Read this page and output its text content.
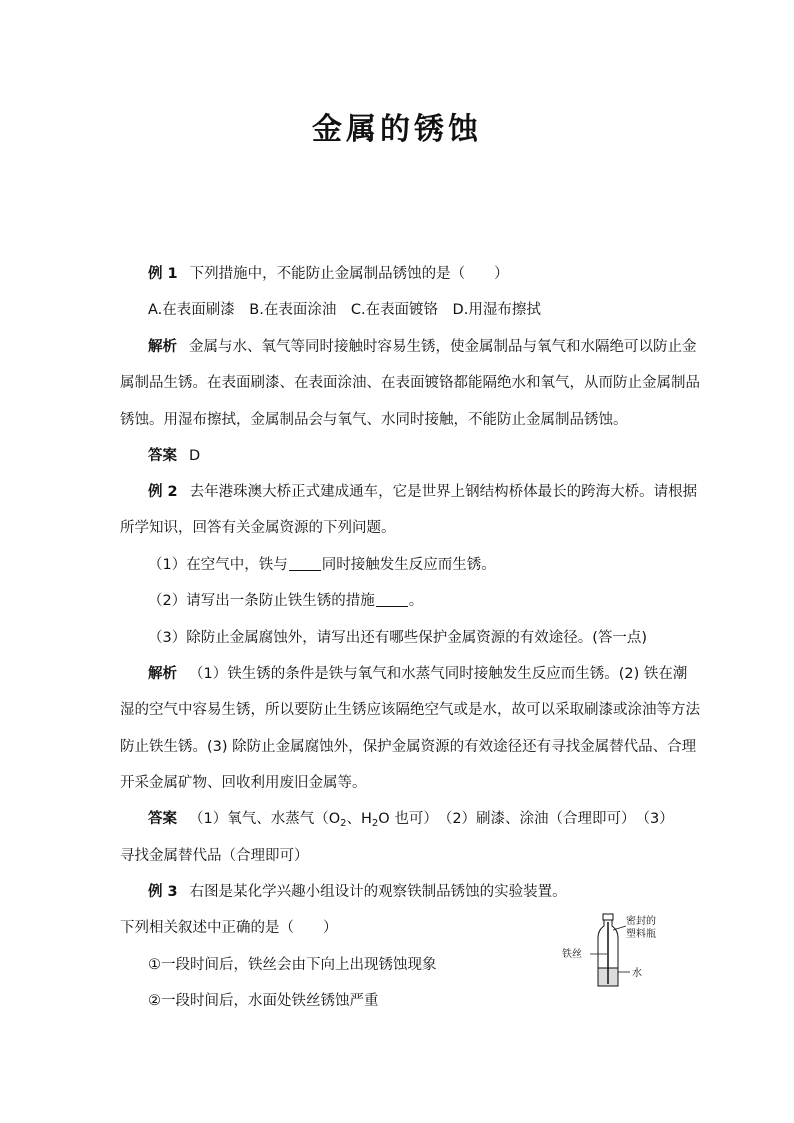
金属的锈蚀
例 1 下列措施中，不能防止金属制品锈蚀的是（　　）
A.在表面刷漆　B.在表面涂油　C.在表面镀铬　D.用湿布擦拭
解析 金属与水、氧气等同时接触时容易生锈，使金属制品与氧气和水隔绝可以防止金
属制品生锈。在表面刷漆、在表面涂油、在表面镀铬都能隔绝水和氧气，从而防止金属制品
锈蚀。用湿布擦拭，金属制品会与氧气、水同时接触，不能防止金属制品锈蚀。
答案 D
例 2 去年港珠澳大桥正式建成通车，它是世界上钢结构桥体最长的跨海大桥。请根据
所学知识，回答有关金属资源的下列问题。
（1）在空气中，铁与 同时接触发生反应而生锈。
（2）请写出一条防止铁生锈的措施 。
（3）除防止金属腐蚀外，请写出还有哪些保护金属资源的有效途径。(答一点)
解析 （1）铁生锈的条件是铁与氧气和水蒸气同时接触发生反应而生锈。(2) 铁在潮
湿的空气中容易生锈，所以要防止生锈应该隔绝空气或是水，故可以采取刷漆或涂油等方法
防止铁生锈。(3) 除防止金属腐蚀外，保护金属资源的有效途径还有寻找金属替代品、合理
开采金属矿物、回收利用废旧金属等。
答案 （1）氧气、水蒸气（$O_2$、$H_2O$ 也可）　（2）刷漆、涂油（合理即可）　（3）
寻找金属替代品（合理即可）
例 3 右图是某化学兴趣小组设计的观察铁制品锈蚀的实验装置。
下列相关叙述中正确的是（　　）
①一段时间后，铁丝会由下向上出现锈蚀现象
②一段时间后，水面处铁丝锈蚀严重
铁丝
密封的
塑料瓶
水
